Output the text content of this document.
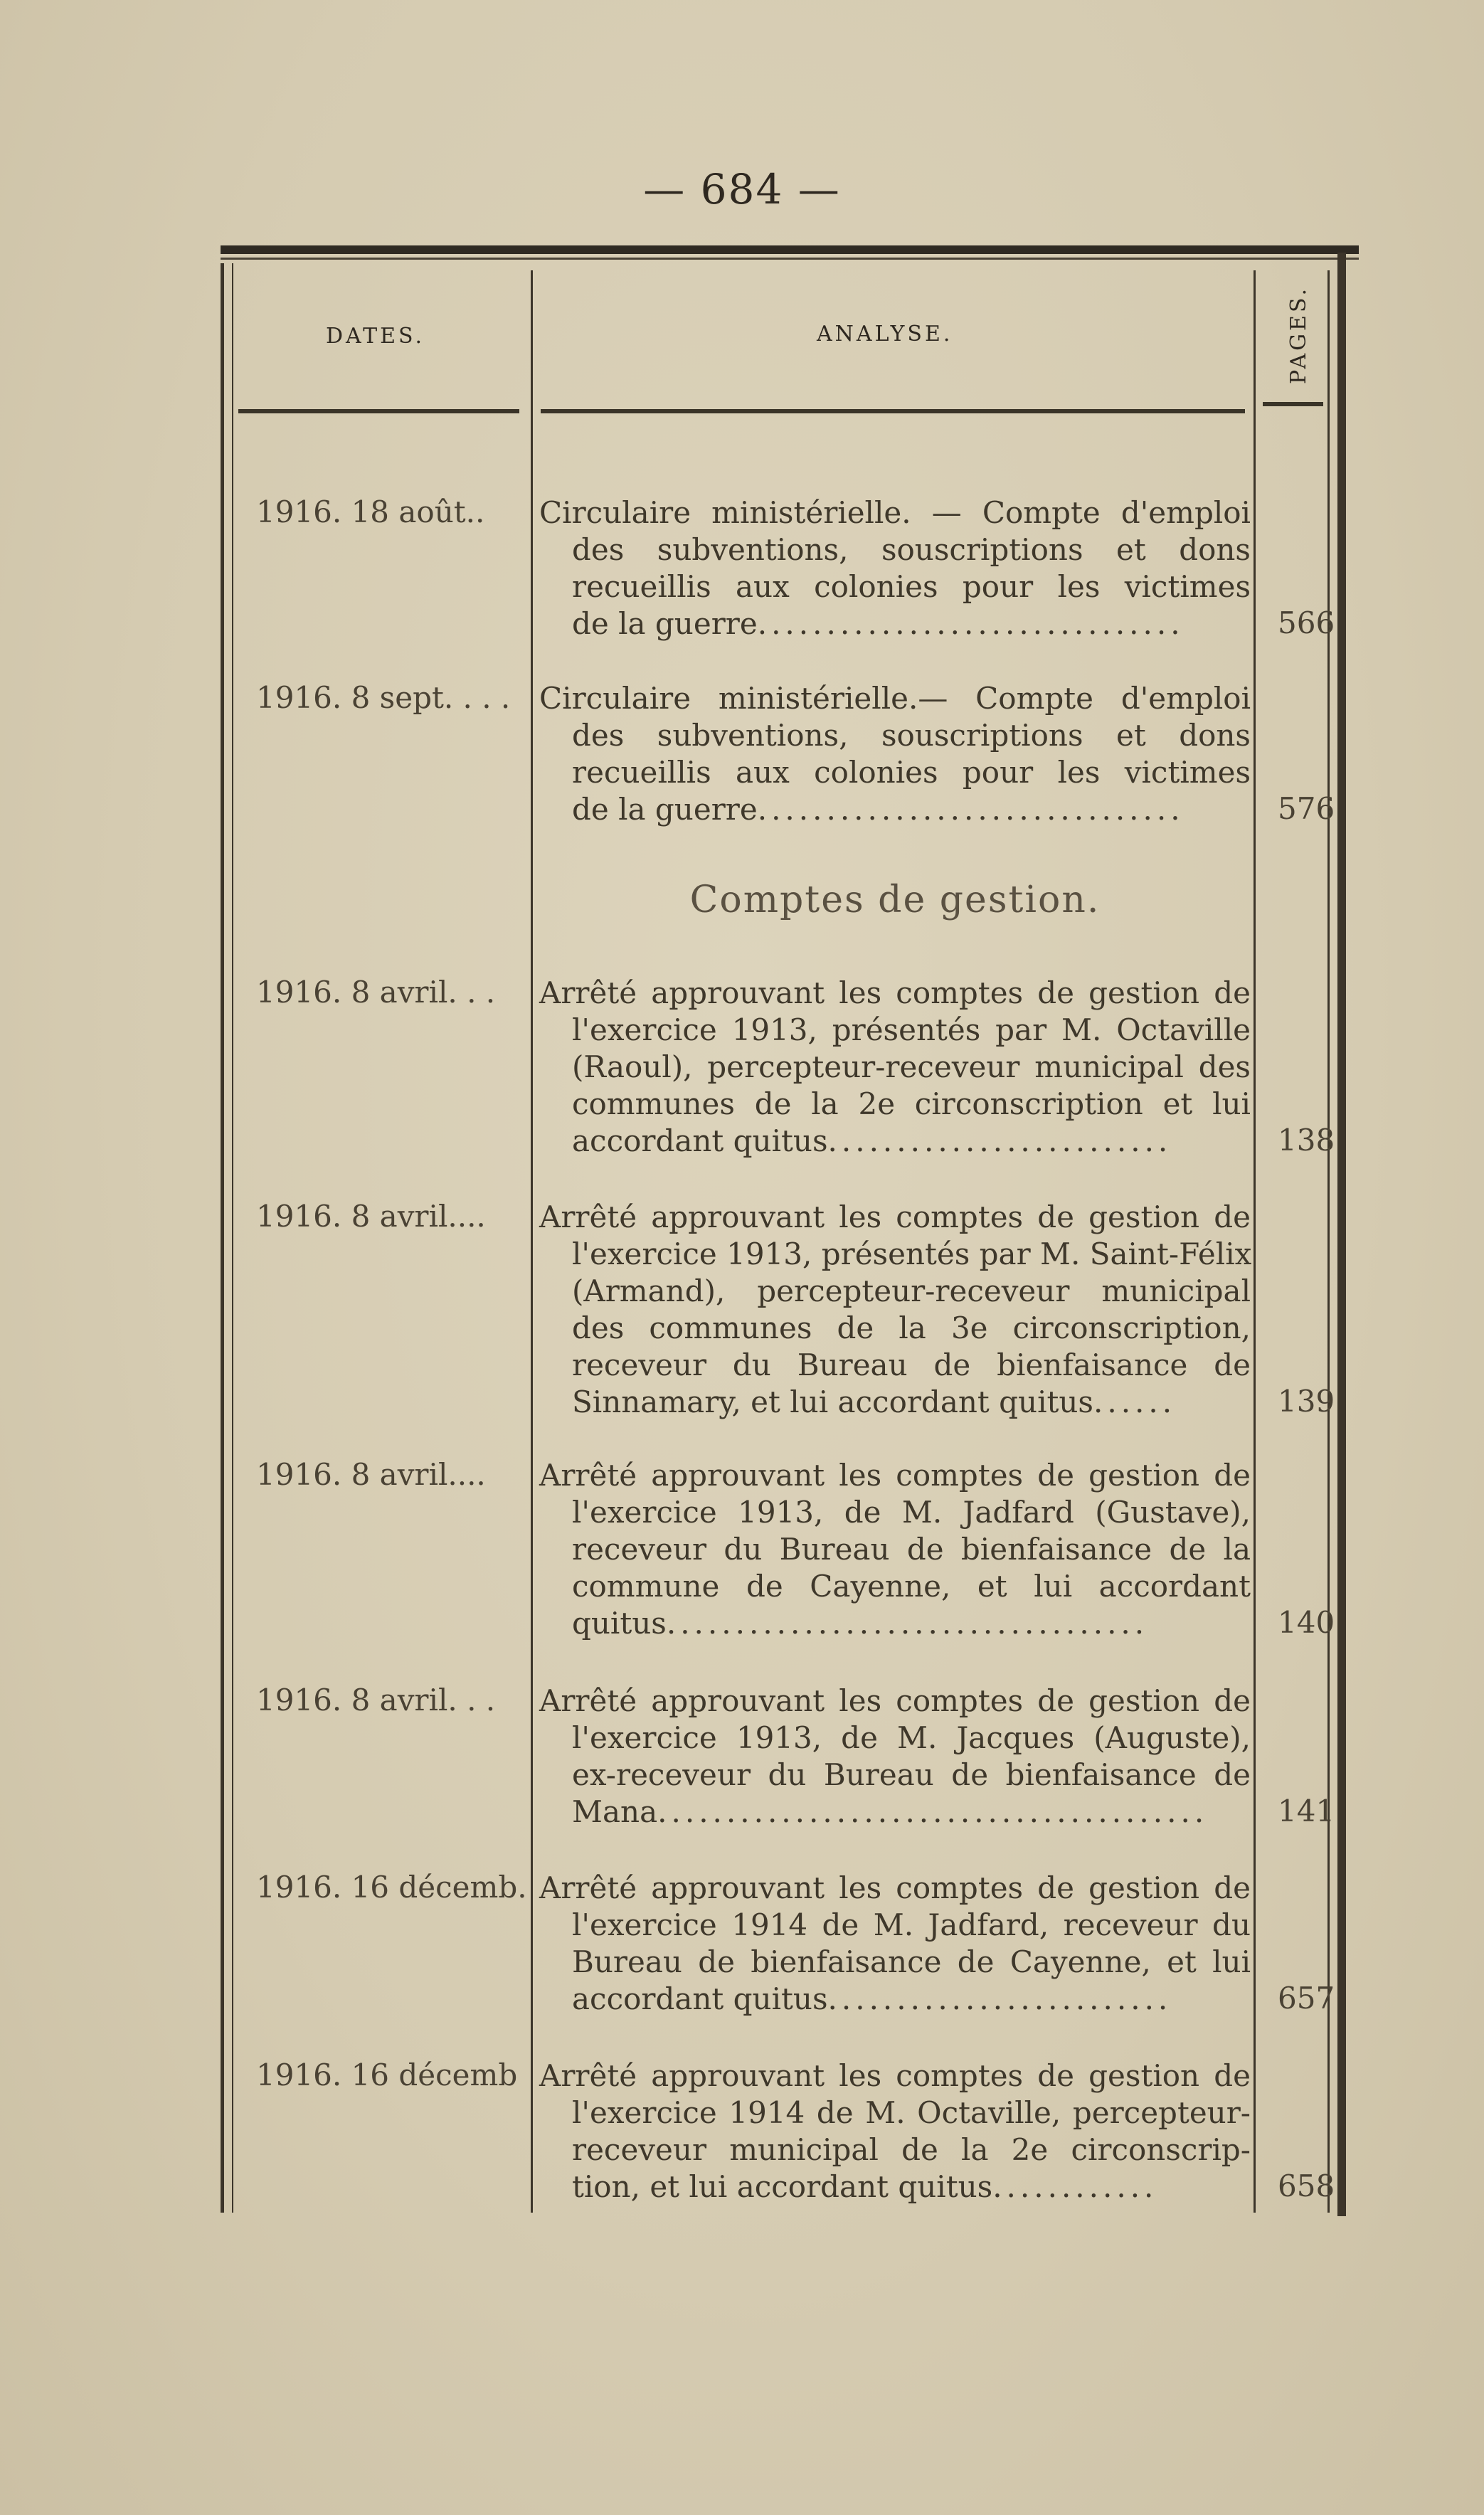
— 684 —
DATES.	ANALYSE.	PAGES.
1916. 18 août..	Circulaire ministérielle. — Compte d'emploi
des subventions, souscriptions et dons
recueillis aux colonies pour les victimes
de la guerre...............................	566
1916. 8 sept. . . . Circulaire ministérielle.— Compte d'emploi
des subventions, souscriptions et dons
recueillis aux colonies pour les victimes
de la guerre...............................	576
Comptes de gestion.
1916. 8 avril. . .	Arrêté approuvant les comptes de gestion de
l'exercice 1913, présentés par M. Octaville
(Raoul), percepteur-receveur municipal des
communes de la 2e circonscription et lui
accordant quitus.........................	138
1916. 8 avril....	Arrêté approuvant les comptes de gestion de
l'exercice 1913, présentés par M. Saint-Félix
(Armand), percepteur-receveur municipal
des communes de la 3e circonscription,
receveur du Bureau de bienfaisance de
Sinnamary, et lui accordant quitus......	139
1916. 8 avril....	Arrêté approuvant les comptes de gestion de
l'exercice 1913, de M. Jadfard (Gustave),
receveur du Bureau de bienfaisance de la
commune de Cayenne, et lui accordant
quitus...................................	140
1916. 8 avril. . .	Arrêté approuvant les comptes de gestion de
l'exercice 1913, de M. Jacques (Auguste),
ex-receveur du Bureau de bienfaisance de
Mana........................................	141
1916. 16 décemb. Arrêté approuvant les comptes de gestion de
l'exercice 1914 de M. Jadfard, receveur du
Bureau de bienfaisance de Cayenne, et lui
accordant quitus.........................	657
1916. 16 décemb Arrêté approuvant les comptes de gestion de
l'exercice 1914 de M. Octaville, percepteur-
receveur municipal de la 2e circonscrip-
tion, et lui accordant quitus............	658
